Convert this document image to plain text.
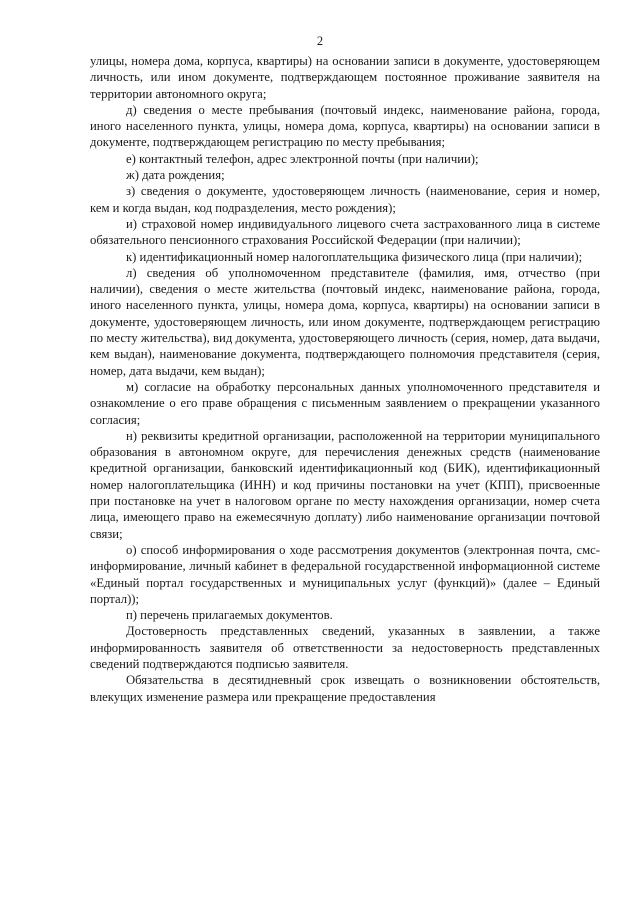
2

улицы, номера дома, корпуса, квартиры) на основании записи в документе, удостоверяющем личность, или ином документе, подтверждающем постоянное проживание заявителя на территории автономного округа;

д) сведения о месте пребывания (почтовый индекс, наименование района, города, иного населенного пункта, улицы, номера дома, корпуса, квартиры) на основании записи в документе, подтверждающем регистрацию по месту пребывания;

е) контактный телефон, адрес электронной почты (при наличии);

ж) дата рождения;

з) сведения о документе, удостоверяющем личность (наименование, серия и номер, кем и когда выдан, код подразделения, место рождения);

и) страховой номер индивидуального лицевого счета застрахованного лица в системе обязательного пенсионного страхования Российской Федерации (при наличии);

к) идентификационный номер налогоплательщика физического лица (при наличии);

л) сведения об уполномоченном представителе (фамилия, имя, отчество (при наличии), сведения о месте жительства (почтовый индекс, наименование района, города, иного населенного пункта, улицы, номера дома, корпуса, квартиры) на основании записи в документе, удостоверяющем личность, или ином документе, подтверждающем регистрацию по месту жительства), вид документа, удостоверяющего личность (серия, номер, дата выдачи, кем выдан), наименование документа, подтверждающего полномочия представителя (серия, номер, дата выдачи, кем выдан);

м) согласие на обработку персональных данных уполномоченного представителя и ознакомление о его праве обращения с письменным заявлением о прекращении указанного согласия;

н) реквизиты кредитной организации, расположенной на территории муниципального образования в автономном округе, для перечисления денежных средств (наименование кредитной организации, банковский идентификационный код (БИК), идентификационный номер налогоплательщика (ИНН) и код причины постановки на учет (КПП), присвоенные при постановке на учет в налоговом органе по месту нахождения организации, номер счета лица, имеющего право на ежемесячную доплату) либо наименование организации почтовой связи;

о) способ информирования о ходе рассмотрения документов (электронная почта, смс-информирование, личный кабинет в федеральной государственной информационной системе «Единый портал государственных и муниципальных услуг (функций)» (далее – Единый портал));

п) перечень прилагаемых документов.

Достоверность представленных сведений, указанных в заявлении, а также информированность заявителя об ответственности за недостоверность представленных сведений подтверждаются подписью заявителя.

Обязательства в десятидневный срок извещать о возникновении обстоятельств, влекущих изменение размера или прекращение предоставления
